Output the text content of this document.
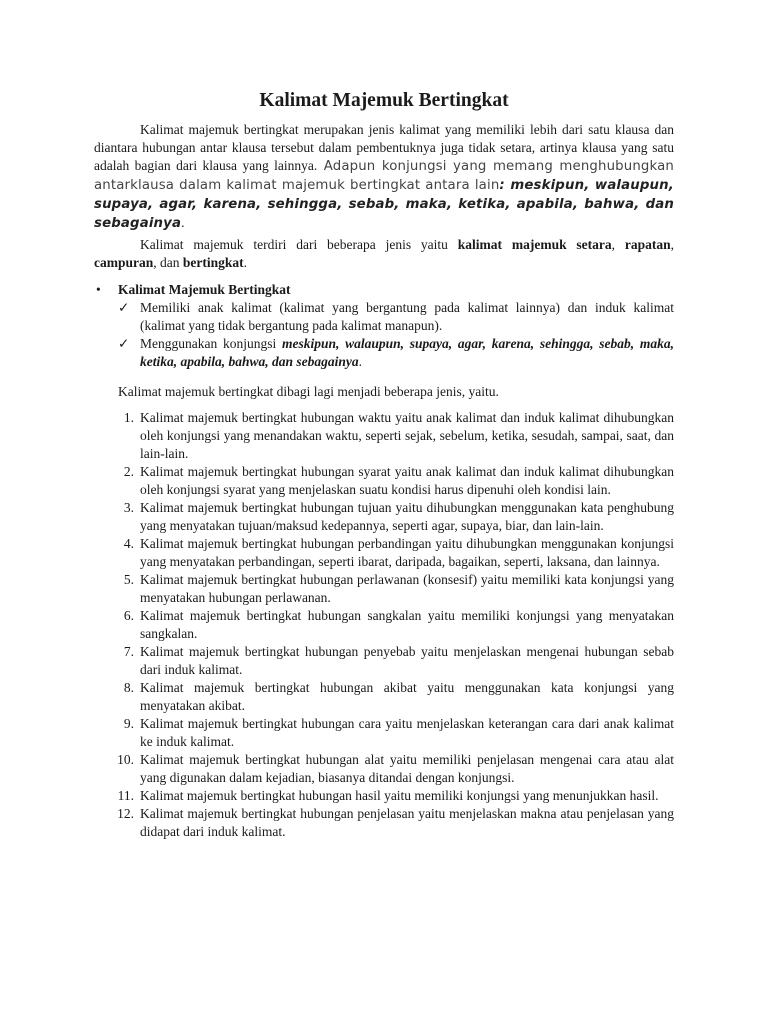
Kalimat Majemuk Bertingkat

Kalimat majemuk bertingkat merupakan jenis kalimat yang memiliki lebih dari satu klausa dan diantara hubungan antar klausa tersebut dalam pembentuknya juga tidak setara, artinya klausa yang satu adalah bagian dari klausa yang lainnya. Adapun konjungsi yang memang menghubungkan antarklausa dalam kalimat majemuk bertingkat antara lain: meskipun, walaupun, supaya, agar, karena, sehingga, sebab, maka, ketika, apabila, bahwa, dan sebagainya.

Kalimat majemuk terdiri dari beberapa jenis yaitu kalimat majemuk setara, rapatan, campuran, dan bertingkat.

• Kalimat Majemuk Bertingkat
✓ Memiliki anak kalimat (kalimat yang bergantung pada kalimat lainnya) dan induk kalimat (kalimat yang tidak bergantung pada kalimat manapun).
✓ Menggunakan konjungsi meskipun, walaupun, supaya, agar, karena, sehingga, sebab, maka, ketika, apabila, bahwa, dan sebagainya.

Kalimat majemuk bertingkat dibagi lagi menjadi beberapa jenis, yaitu.

1. Kalimat majemuk bertingkat hubungan waktu yaitu anak kalimat dan induk kalimat dihubungkan oleh konjungsi yang menandakan waktu, seperti sejak, sebelum, ketika, sesudah, sampai, saat, dan lain-lain.
2. Kalimat majemuk bertingkat hubungan syarat yaitu anak kalimat dan induk kalimat dihubungkan oleh konjungsi syarat yang menjelaskan suatu kondisi harus dipenuhi oleh kondisi lain.
3. Kalimat majemuk bertingkat hubungan tujuan yaitu dihubungkan menggunakan kata penghubung yang menyatakan tujuan/maksud kedepannya, seperti agar, supaya, biar, dan lain-lain.
4. Kalimat majemuk bertingkat hubungan perbandingan yaitu dihubungkan menggunakan konjungsi yang menyatakan perbandingan, seperti ibarat, daripada, bagaikan, seperti, laksana, dan lainnya.
5. Kalimat majemuk bertingkat hubungan perlawanan (konsesif) yaitu memiliki kata konjungsi yang menyatakan hubungan perlawanan.
6. Kalimat majemuk bertingkat hubungan sangkalan yaitu memiliki konjungsi yang menyatakan sangkalan.
7. Kalimat majemuk bertingkat hubungan penyebab yaitu menjelaskan mengenai hubungan sebab dari induk kalimat.
8. Kalimat majemuk bertingkat hubungan akibat yaitu menggunakan kata konjungsi yang menyatakan akibat.
9. Kalimat majemuk bertingkat hubungan cara yaitu menjelaskan keterangan cara dari anak kalimat ke induk kalimat.
10. Kalimat majemuk bertingkat hubungan alat yaitu memiliki penjelasan mengenai cara atau alat yang digunakan dalam kejadian, biasanya ditandai dengan konjungsi.
11. Kalimat majemuk bertingkat hubungan hasil yaitu memiliki konjungsi yang menunjukkan hasil.
12. Kalimat majemuk bertingkat hubungan penjelasan yaitu menjelaskan makna atau penjelasan yang didapat dari induk kalimat.
